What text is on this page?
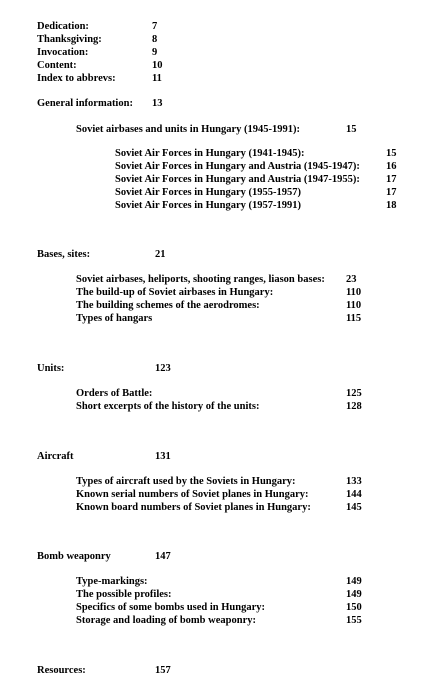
Dedication:	7
Thanksgiving:	8
Invocation:	9
Content:	10
Index to abbrevs:	11
General information: 13
Soviet airbases and units in Hungary (1945-1991):	15
Soviet Air Forces in Hungary (1941-1945):	15
Soviet Air Forces in Hungary and Austria (1945-1947): 16
Soviet Air Forces in Hungary and Austria (1947-1955): 17
Soviet Air Forces in Hungary (1955-1957)	17
Soviet Air Forces in Hungary (1957-1991)	18
Bases, sites:	21
Soviet airbases, heliports, shooting ranges, liason bases: 23
The build-up of Soviet airbases in Hungary:	110
The building schemes of the aerodromes:	110
Types of hangars	115
Units:	123
Orders of Battle:	125
Short excerpts of the history of the units:	128
Aircraft	131
Types of aircraft used by the Soviets in Hungary:	133
Known serial numbers of Soviet planes in Hungary:	144
Known board numbers of Soviet planes in Hungary:	145
Bomb weaponry	147
Type-markings:	149
The possible profiles:	149
Specifics of some bombs used in Hungary:	150
Storage and loading of bomb weaponry:	155
Resources:	157
